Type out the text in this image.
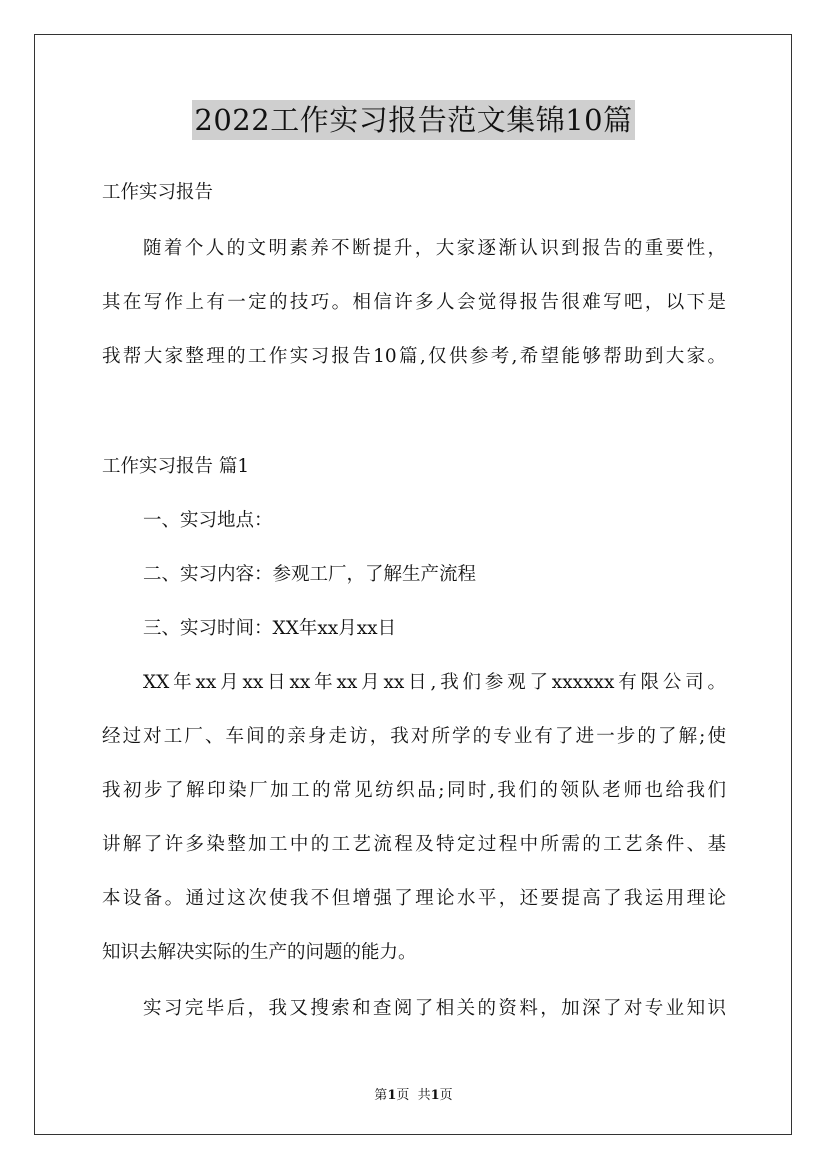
2022工作实习报告范文集锦10篇

工作实习报告

随着个人的文明素养不断提升，大家逐渐认识到报告的重要性，

其在写作上有一定的技巧。相信许多人会觉得报告很难写吧，以下是

我帮大家整理的工作实习报告10篇,仅供参考,希望能够帮助到大家。

工作实习报告 篇1

一、实习地点：

二、实习内容：参观工厂，了解生产流程

三、实习时间：XX年xx月xx日

XX年xx月xx日xx年xx月xx日,我们参观了xxxxxx有限公司。

经过对工厂、车间的亲身走访，我对所学的专业有了进一步的了解;使

我初步了解印染厂加工的常见纺织品;同时,我们的领队老师也给我们

讲解了许多染整加工中的工艺流程及特定过程中所需的工艺条件、基

本设备。通过这次使我不但增强了理论水平，还要提高了我运用理论

知识去解决实际的生产的问题的能力。

实习完毕后，我又搜索和查阅了相关的资料，加深了对专业知识

第1页  共1页
